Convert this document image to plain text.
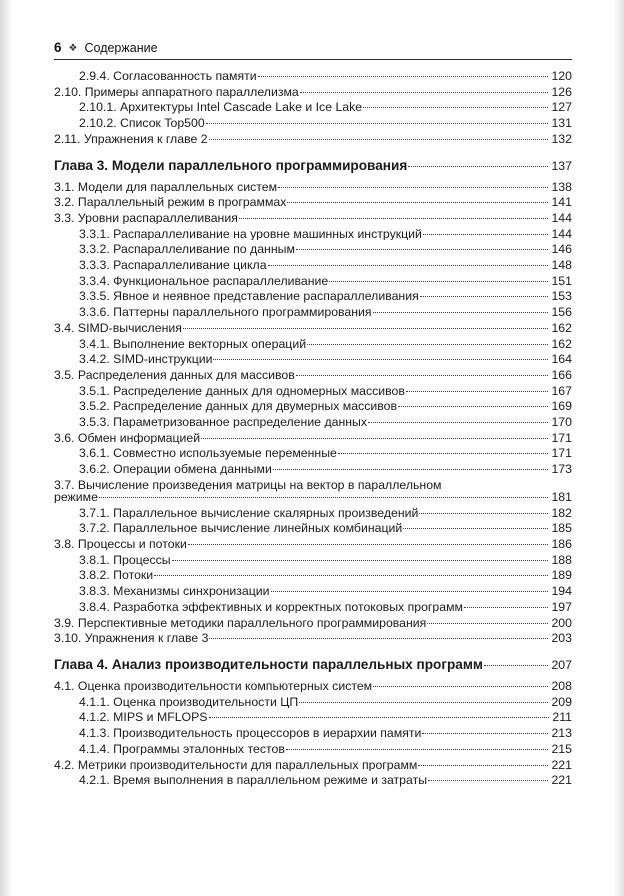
6 ❖ Содержание
2.9.4. Согласованность памяти	120
2.10. Примеры аппаратного параллелизма	126
2.10.1. Архитектуры Intel Cascade Lake и Ice Lake	127
2.10.2. Список Top500	131
2.11. Упражнения к главе 2	132
Глава 3. Модели параллельного программирования	137
3.1. Модели для параллельных систем	138
3.2. Параллельный режим в программах	141
3.3. Уровни распараллеливания	144
3.3.1. Распараллеливание на уровне машинных инструкций	144
3.3.2. Распараллеливание по данным	146
3.3.3. Распараллеливание цикла	148
3.3.4. Функциональное распараллеливание	151
3.3.5. Явное и неявное представление распараллеливания	153
3.3.6. Паттерны параллельного программирования	156
3.4. SIMD-вычисления	162
3.4.1. Выполнение векторных операций	162
3.4.2. SIMD-инструкции	164
3.5. Распределения данных для массивов	166
3.5.1. Распределение данных для одномерных массивов	167
3.5.2. Распределение данных для двумерных массивов	169
3.5.3. Параметризованное распределение данных	170
3.6. Обмен информацией	171
3.6.1. Совместно используемые переменные	171
3.6.2. Операции обмена данными	173
3.7. Вычисление произведения матрицы на вектор в параллельном
режиме	181
3.7.1. Параллельное вычисление скалярных произведений	182
3.7.2. Параллельное вычисление линейных комбинаций	185
3.8. Процессы и потоки	186
3.8.1. Процессы	188
3.8.2. Потоки	189
3.8.3. Механизмы синхронизации	194
3.8.4. Разработка эффективных и корректных потоковых программ	197
3.9. Перспективные методики параллельного программирования	200
3.10. Упражнения к главе 3	203
Глава 4. Анализ производительности параллельных программ	207
4.1. Оценка производительности компьютерных систем	208
4.1.1. Оценка производительности ЦП	209
4.1.2. MIPS и MFLOPS	211
4.1.3. Производительность процессоров в иерархии памяти	213
4.1.4. Программы эталонных тестов	215
4.2. Метрики производительности для параллельных программ	221
4.2.1. Время выполнения в параллельном режиме и затраты	221
